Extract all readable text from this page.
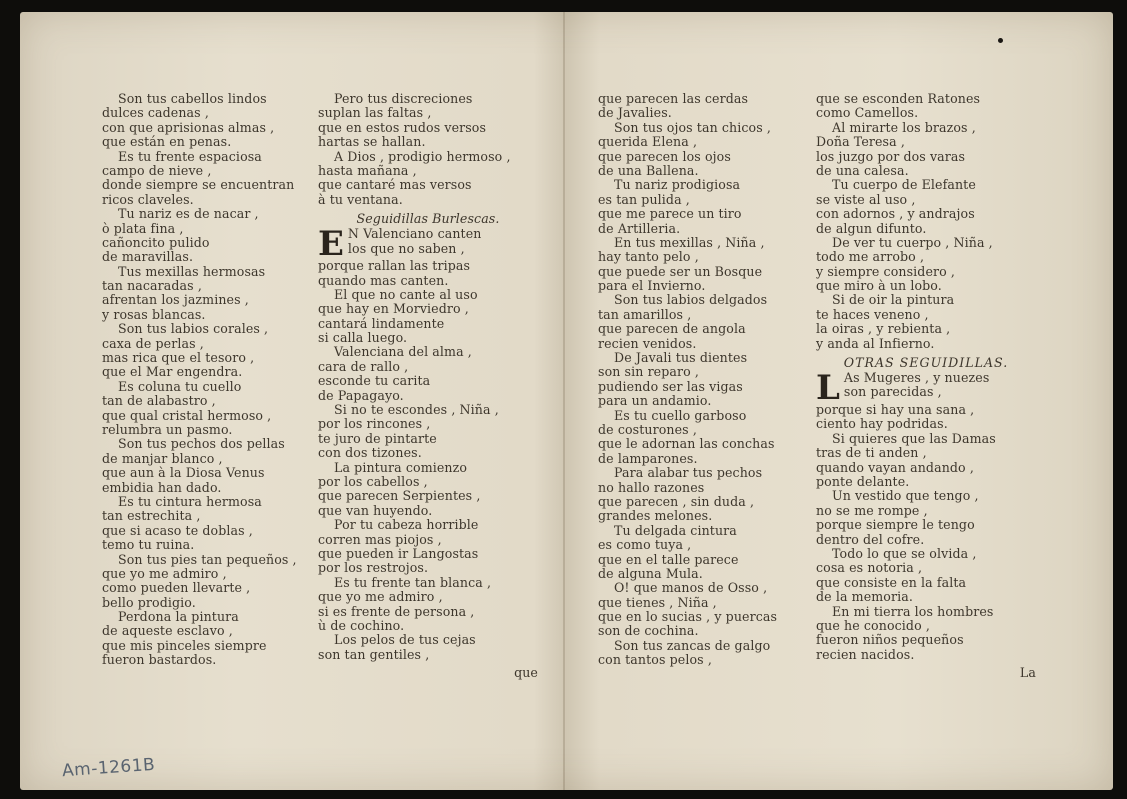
Son tus cabellos lindos
dulces cadenas ,
con que aprisionas almas ,
que están en penas.
Es tu frente espaciosa
campo de nieve ,
donde siempre se encuentran
ricos claveles.
Tu nariz es de nacar ,
ò plata fina ,
cañoncito pulido
de maravillas.
Tus mexillas hermosas
tan nacaradas ,
afrentan los jazmines ,
y rosas blancas.
Son tus labios corales ,
caxa de perlas ,
mas rica que el tesoro ,
que el Mar engendra.
Es coluna tu cuello
tan de alabastro ,
que qual cristal hermoso ,
relumbra un pasmo.
Son tus pechos dos pellas
de manjar blanco ,
que aun à la Diosa Venus
embidia han dado.
Es tu cintura hermosa
tan estrechita ,
que si acaso te doblas ,
temo tu ruina.
Son tus pies tan pequeños ,
que yo me admiro ,
como pueden llevarte ,
bello prodigio.
Perdona la pintura
de aqueste esclavo ,
que mis pinceles siempre
fueron bastardos.
Pero tus discreciones
suplan las faltas ,
que en estos rudos versos
hartas se hallan.
A Dios , prodigio hermoso ,
hasta mañana ,
que cantaré mas versos
à tu ventana.
Seguidillas Burlescas.
E N Valenciano canten
los que no saben ,
porque rallan las tripas
quando mas canten.
El que no cante al uso
que hay en Morviedro ,
cantará lindamente
si calla luego.
Valenciana del alma ,
cara de rallo ,
esconde tu carita
de Papagayo.
Si no te escondes , Niña ,
por los rincones ,
te juro de pintarte
con dos tizones.
La pintura comienzo
por los cabellos ,
que parecen Serpientes ,
que van huyendo.
Por tu cabeza horrible
corren mas piojos ,
que pueden ir Langostas
por los restrojos.
Es tu frente tan blanca ,
que yo me admiro ,
si es frente de persona ,
ù de cochino.
Los pelos de tus cejas
son tan gentiles ,
que
que parecen las cerdas
de Javalies.
Son tus ojos tan chicos ,
querida Elena ,
que parecen los ojos
de una Ballena.
Tu nariz prodigiosa
es tan pulida ,
que me parece un tiro
de Artilleria.
En tus mexillas , Niña ,
hay tanto pelo ,
que puede ser un Bosque
para el Invierno.
Son tus labios delgados
tan amarillos ,
que parecen de angola
recien venidos.
De Javali tus dientes
son sin reparo ,
pudiendo ser las vigas
para un andamio.
Es tu cuello garboso
de costurones ,
que le adornan las conchas
de lamparones.
Para alabar tus pechos
no hallo razones
que parecen , sin duda ,
grandes melones.
Tu delgada cintura
es como tuya ,
que en el talle parece
de alguna Mula.
O! que manos de Osso ,
que tienes , Niña ,
que en lo sucias , y puercas
son de cochina.
Son tus zancas de galgo
con tantos pelos ,
que se esconden Ratones
como Camellos.
Al mirarte los brazos ,
Doña Teresa ,
los juzgo por dos varas
de una calesa.
Tu cuerpo de Elefante
se viste al uso ,
con adornos , y andrajos
de algun difunto.
De ver tu cuerpo , Niña ,
todo me arrobo ,
y siempre considero ,
que miro à un lobo.
Si de oir la pintura
te haces veneno ,
la oiras , y rebienta ,
y anda al Infierno.
OTRAS SEGUIDILLAS.
L As Mugeres , y nuezes
son parecidas ,
porque si hay una sana ,
ciento hay podridas.
Si quieres que las Damas
tras de ti anden ,
quando vayan andando ,
ponte delante.
Un vestido que tengo ,
no se me rompe ,
porque siempre le tengo
dentro del cofre.
Todo lo que se olvida ,
cosa es notoria ,
que consiste en la falta
de la memoria.
En mi tierra los hombres
que he conocido ,
fueron niños pequeños
recien nacidos.
La
Am-1261B
